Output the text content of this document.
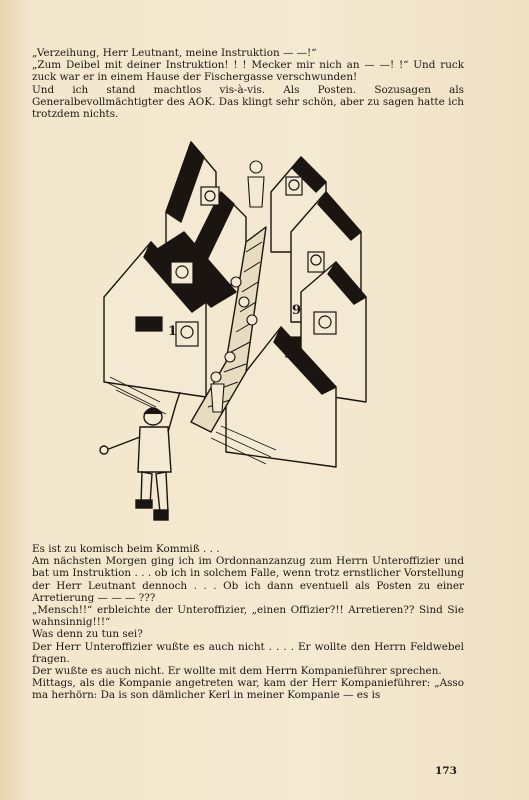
„Verzeihung, Herr Leutnant, meine Instruktion — —!“

„Zum Deibel mit deiner Instruktion! ! ! Mecker mir nich an — —! !“ Und ruck zuck war er in einem Hause der Fischergasse verschwunden!

Und ich stand machtlos vis-à-vis. Als Posten. Sozusagen als Generalbevollmächtigter des AOK. Das klingt sehr schön, aber zu sagen hatte ich trotzdem nichts.

1
9

Es ist zu komisch beim Kommiß . . .

Am nächsten Morgen ging ich im Ordonnanzanzug zum Herrn Unteroffizier und bat um Instruktion . . . ob ich in solchem Falle, wenn trotz ernstlicher Vorstellung der Herr Leutnant dennoch . . . Ob ich dann eventuell als Posten zu einer Arretierung — — — ???

„Mensch!!“ erbleichte der Unteroffizier, „einen Offizier?!! Arretieren?? Sind Sie wahnsinnig!!!“

Was denn zu tun sei?

Der Herr Unteroffizier wußte es auch nicht . . . . Er wollte den Herrn Feldwebel fragen.

Der wußte es auch nicht. Er wollte mit dem Herrn Kompanieführer sprechen.

Mittags, als die Kompanie angetreten war, kam der Herr Kompanieführer: „Asso ma herhörn: Da is son dämlicher Kerl in meiner Kompanie — es is

173
